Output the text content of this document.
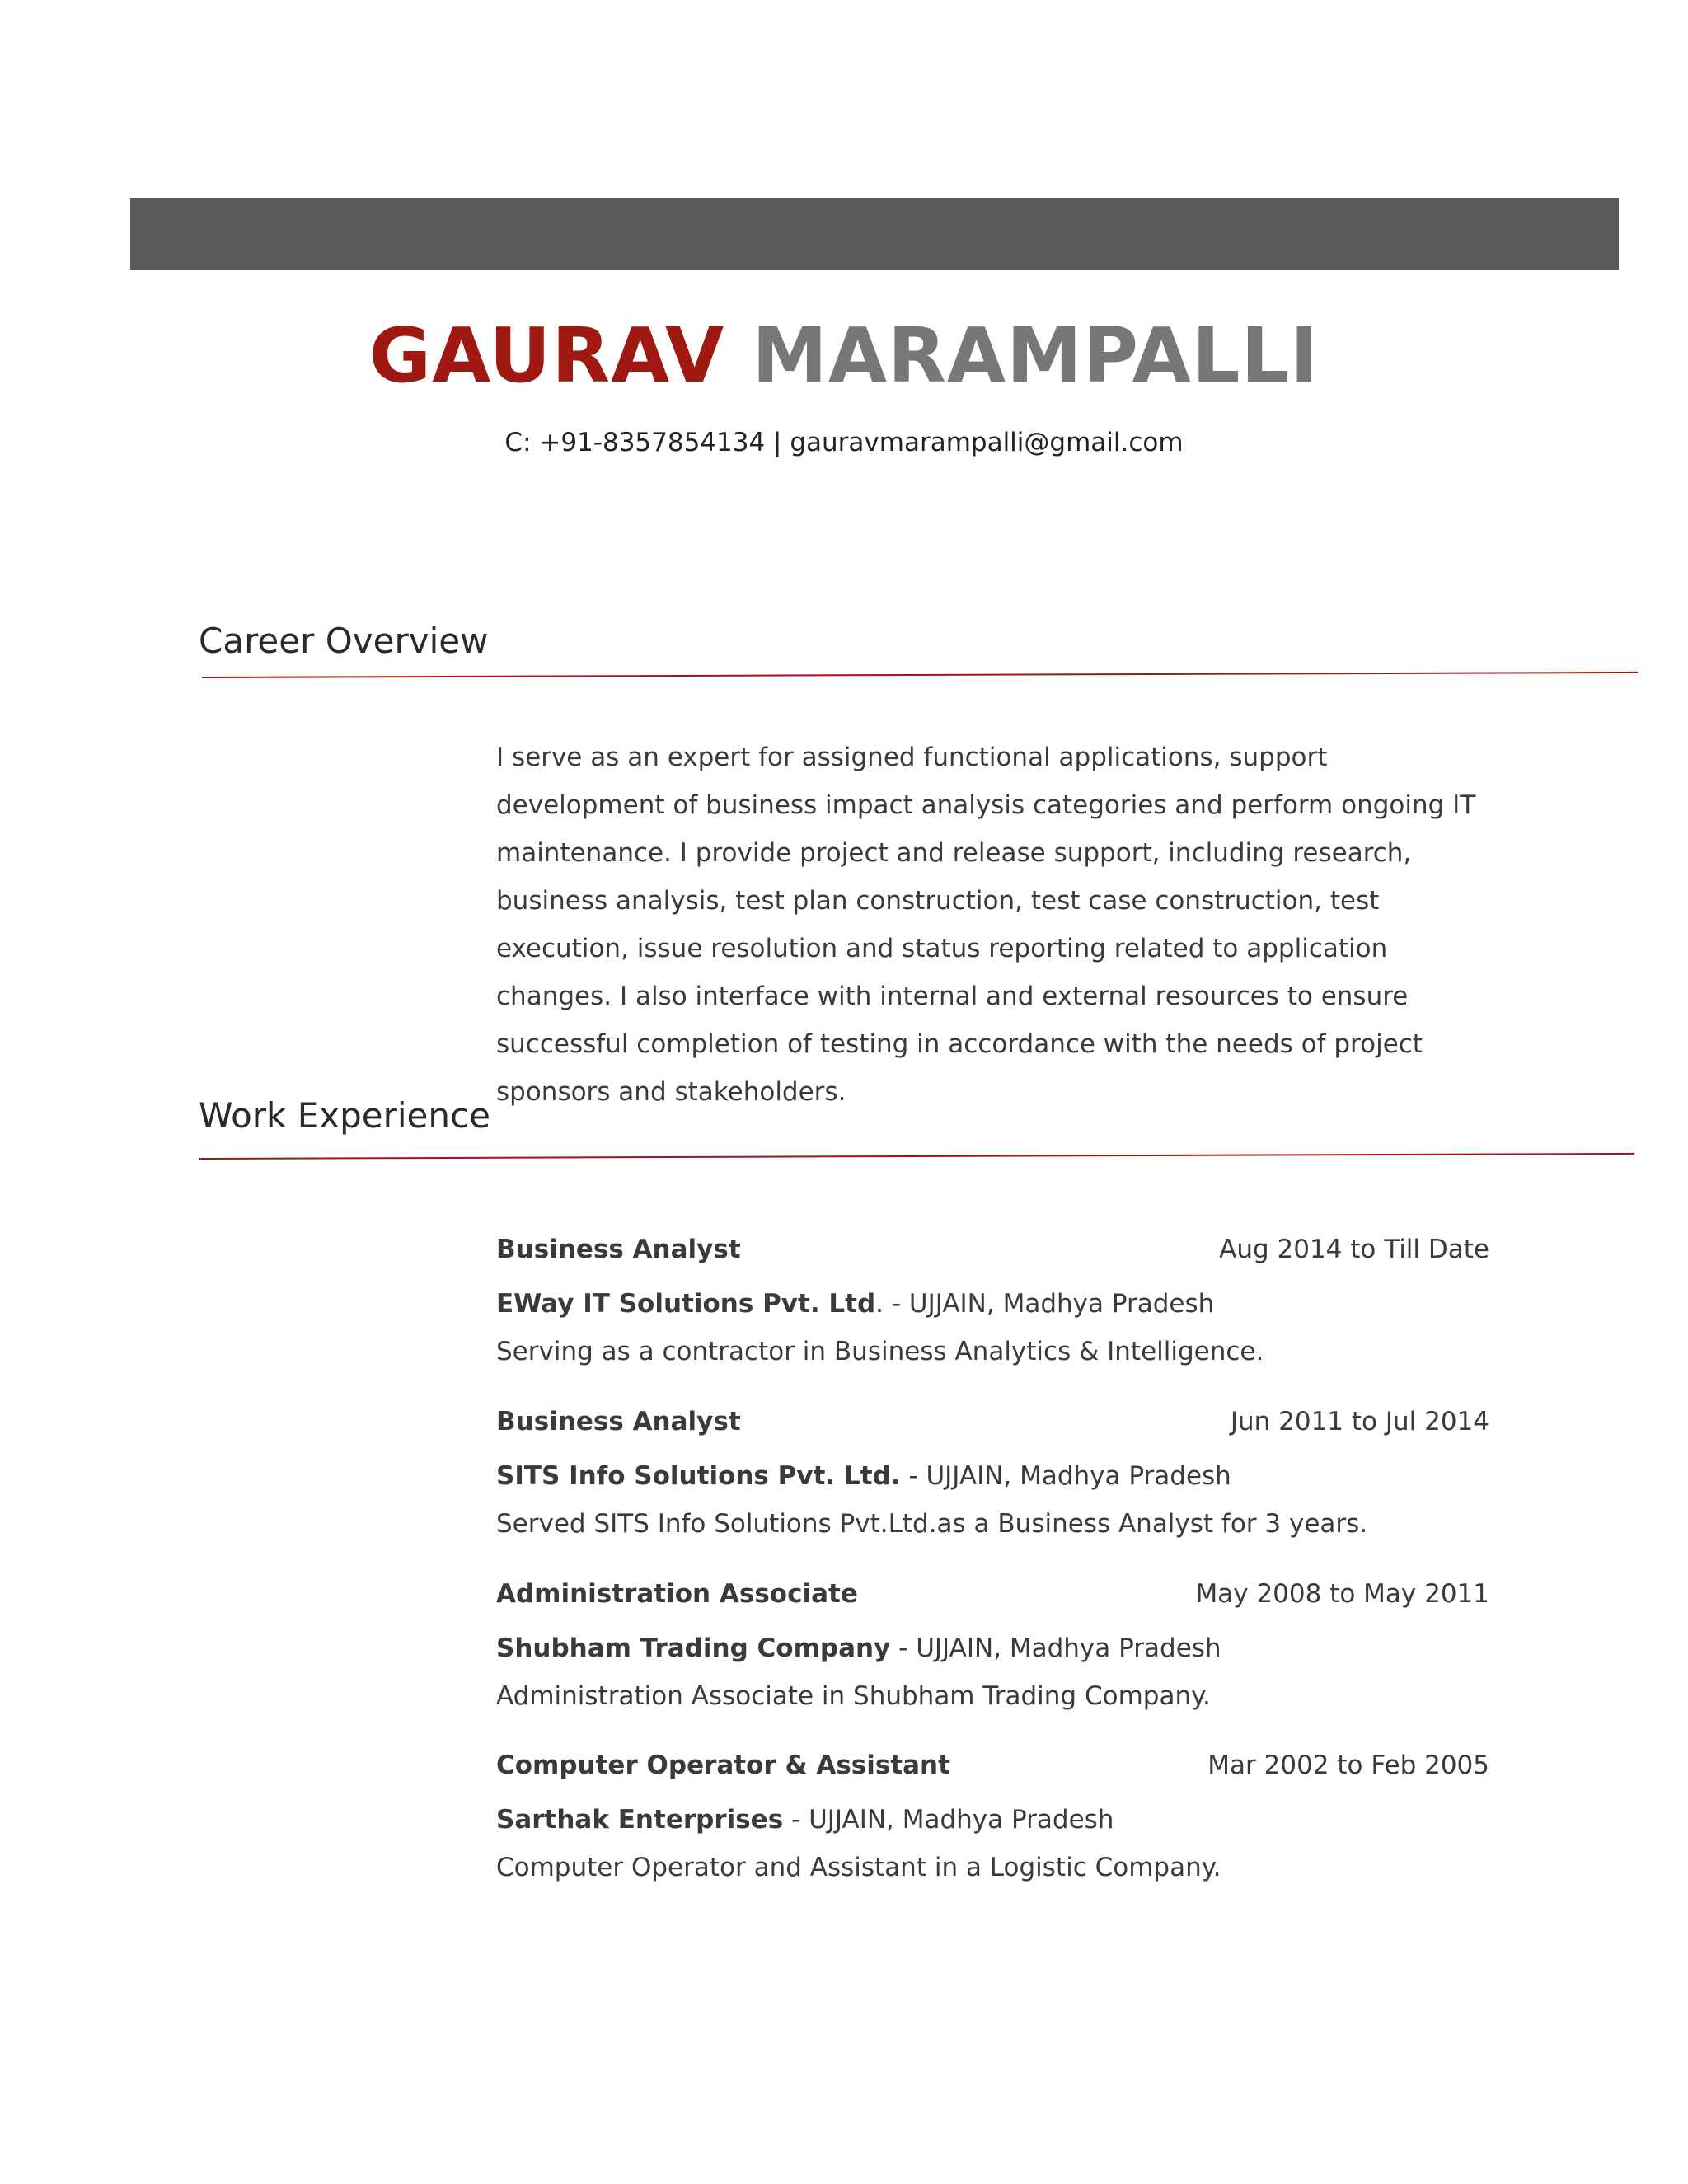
GAURAV MARAMPALLI
C: +91-8357854134 | gauravmarampalli@gmail.com
Career Overview

I serve as an expert for assigned functional applications, support development of business impact analysis categories and perform ongoing IT maintenance. I provide project and release support, including research, business analysis, test plan construction, test case construction, test execution, issue resolution and status reporting related to application changes. I also interface with internal and external resources to ensure successful completion of testing in accordance with the needs of project sponsors and stakeholders.

Work Experience
Business Analyst	Aug 2014 to Till Date
EWay IT Solutions Pvt. Ltd. - UJJAIN, Madhya Pradesh
Serving as a contractor in Business Analytics & Intelligence.
Business Analyst	Jun 2011 to Jul 2014
SITS Info Solutions Pvt. Ltd. - UJJAIN, Madhya Pradesh
Served SITS Info Solutions Pvt.Ltd.as a Business Analyst for 3 years.
Administration Associate	May 2008 to May 2011
Shubham Trading Company - UJJAIN, Madhya Pradesh
Administration Associate in Shubham Trading Company.
Computer Operator & Assistant	Mar 2002 to Feb 2005
Sarthak Enterprises - UJJAIN, Madhya Pradesh
Computer Operator and Assistant in a Logistic Company.
